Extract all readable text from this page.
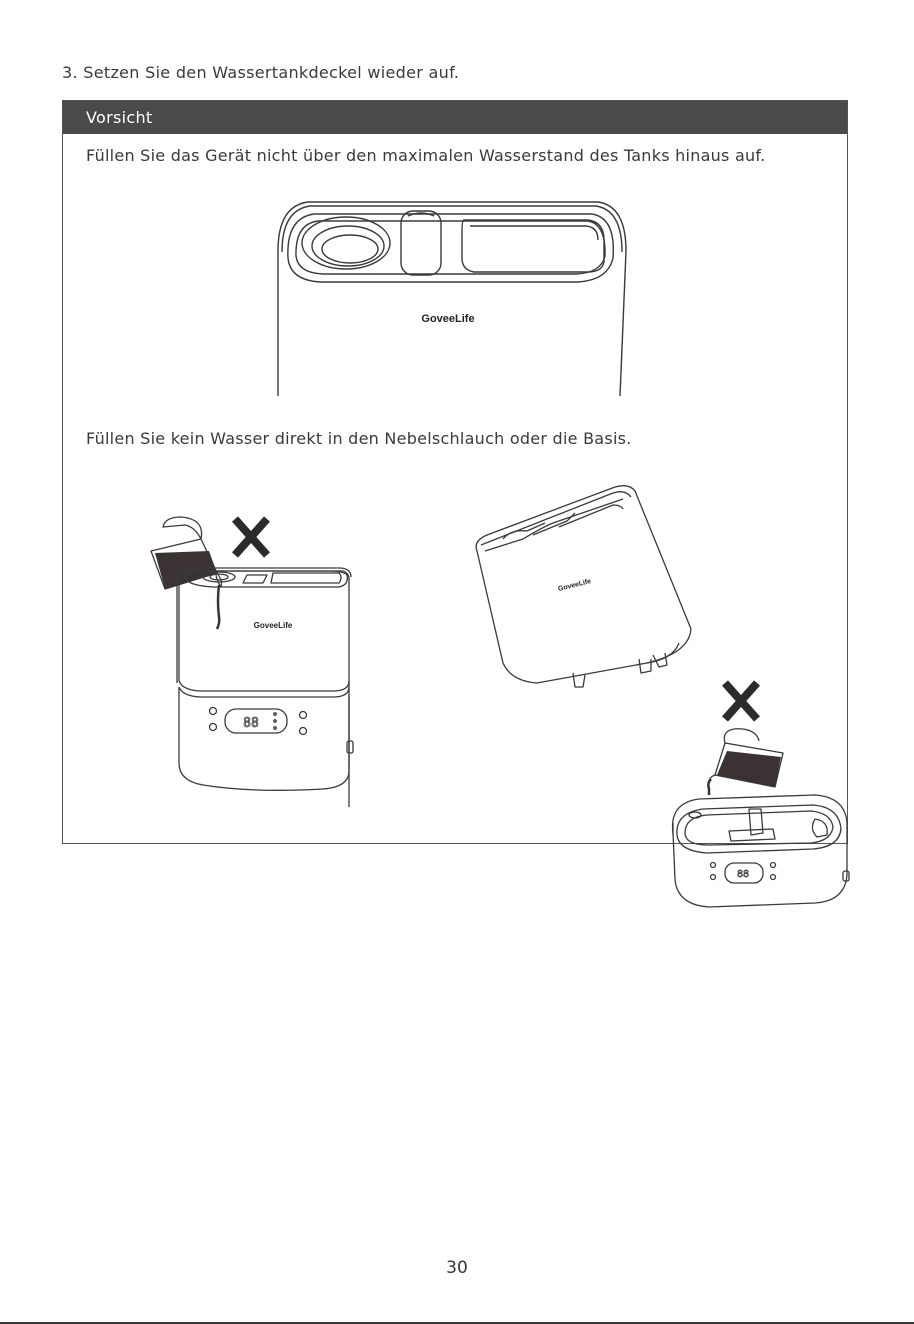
3. Setzen Sie den Wassertankdeckel wieder auf.
Vorsicht
Füllen Sie das Gerät nicht über den maximalen Wasserstand des Tanks hinaus auf.
GoveeLife
Füllen Sie kein Wasser direkt in den Nebelschlauch oder die Basis.
88
GoveeLife
GoveeLife
88
30
